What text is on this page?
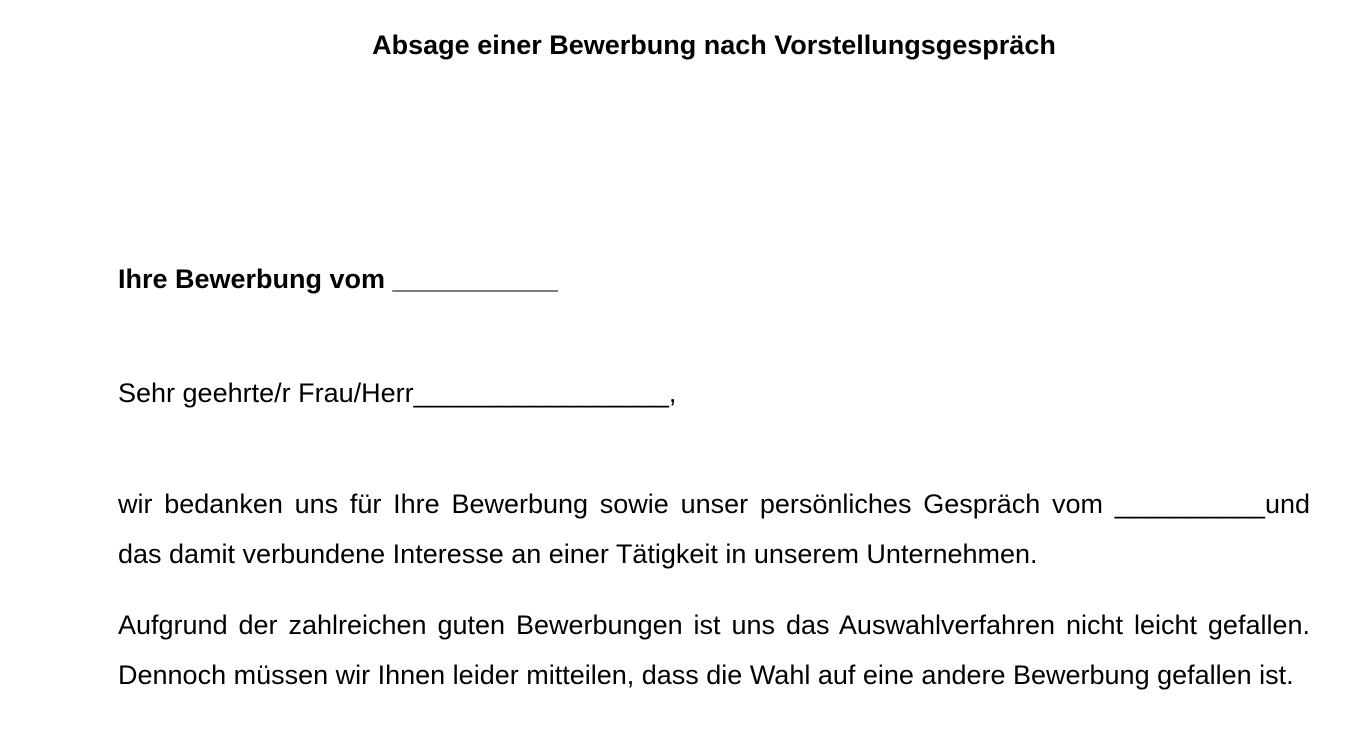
Absage einer Bewerbung nach Vorstellungsgespräch
Ihre Bewerbung vom ___________
Sehr geehrte/r Frau/Herr_________________,
wir bedanken uns für Ihre Bewerbung sowie unser persönliches Gespräch vom __________und das damit verbundene Interesse an einer Tätigkeit in unserem Unternehmen.
Aufgrund der zahlreichen guten Bewerbungen ist uns das Auswahlverfahren nicht leicht gefallen. Dennoch müssen wir Ihnen leider mitteilen, dass die Wahl auf eine andere Bewerbung gefallen ist.
